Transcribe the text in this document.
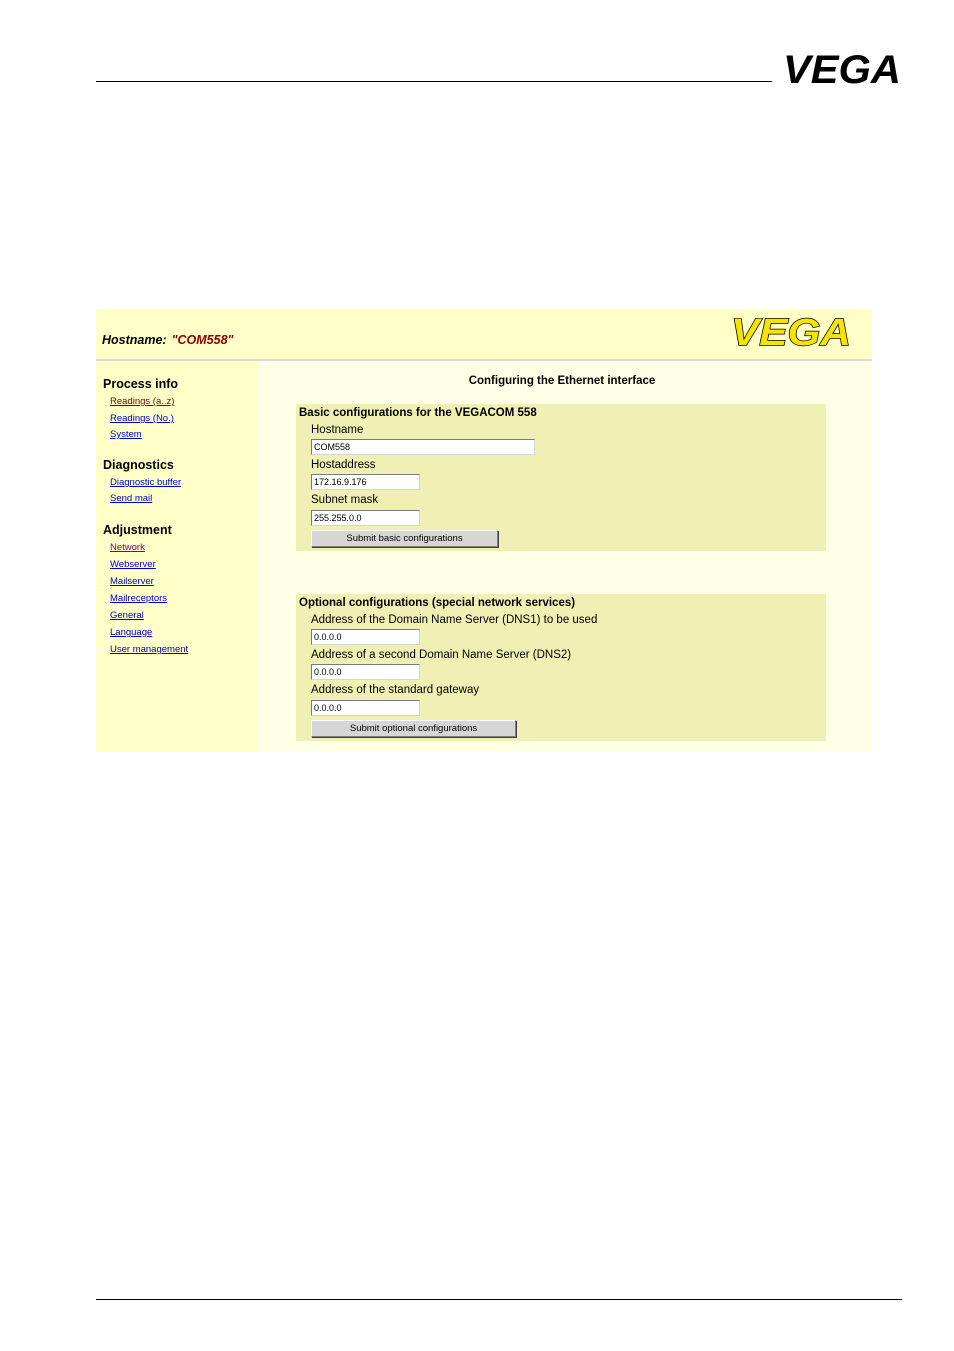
VEGA
Hostname: "COM558"	VEGA
Process info
Readings (a..z)
Readings (No.)
System
Diagnostics
Diagnostic buffer
Send mail
Adjustment
Network
Webserver
Mailserver
Mailreceptors
General
Language
User management
Configuring the Ethernet interface
Basic configurations for the VEGACOM 558
Hostname
COM558
Hostaddress
172.16.9.176
Subnet mask
255.255.0.0
Submit basic configurations
Optional configurations (special network services)
Address of the Domain Name Server (DNS1) to be used
0.0.0.0
Address of a second Domain Name Server (DNS2)
0.0.0.0
Address of the standard gateway
0.0.0.0
Submit optional configurations
